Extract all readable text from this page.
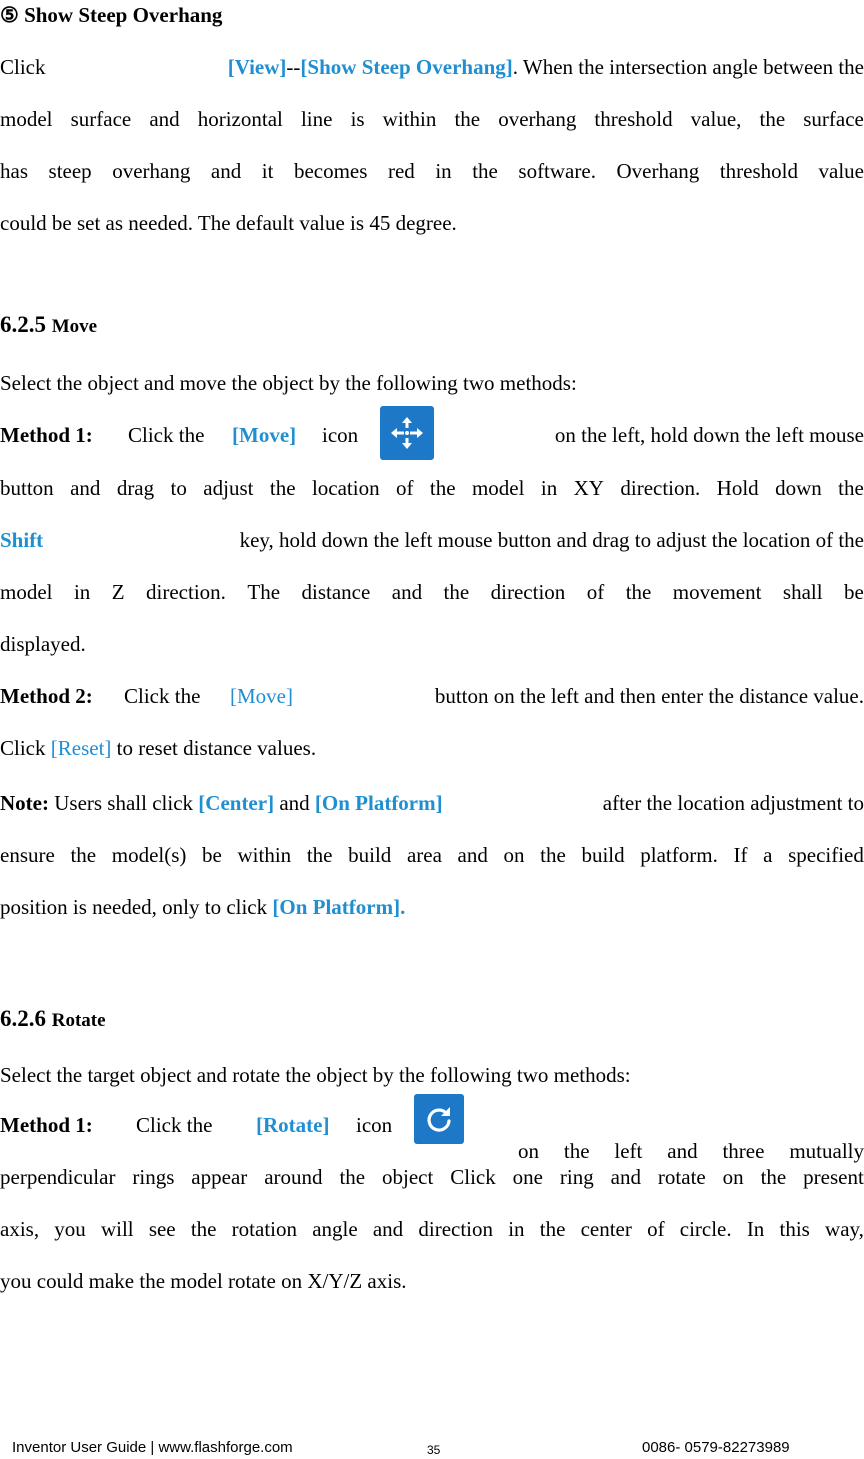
⑤ Show Steep Overhang
Click	[View]--[Show Steep Overhang]. When the intersection angle between the
model surface and horizontal line is within the overhang threshold value, the surface
has steep overhang and it becomes red in the software. Overhang threshold value
could be set as needed. The default value is 45 degree.
6.2.5 Move
Select the object and move the object by the following two methods:
Method 1: Click the [Move] icon	on the left, hold down the left mouse
button and drag to adjust the location of the model in XY direction. Hold down the
Shift	key, hold down the left mouse button and drag to adjust the location of the
model in Z direction. The distance and the direction of the movement shall be
displayed.
Method 2: Click the [Move]	button on the left and then enter the distance value.
Click [Reset] to reset distance values.
Note: Users shall click [Center] and [On Platform]	after the location adjustment to
ensure the model(s) be within the build area and on the build platform. If a specified
position is needed, only to click [On Platform].
6.2.6 Rotate
Select the target object and rotate the object by the following two methods:
Method 1: Click the [Rotate] icon
on the left and three mutually
perpendicular rings appear around the object Click one ring and rotate on the present
axis, you will see the rotation angle and direction in the center of circle. In this way,
you could make the model rotate on X/Y/Z axis.
Inventor User Guide | www.flashforge.com	35	0086- 0579-82273989
